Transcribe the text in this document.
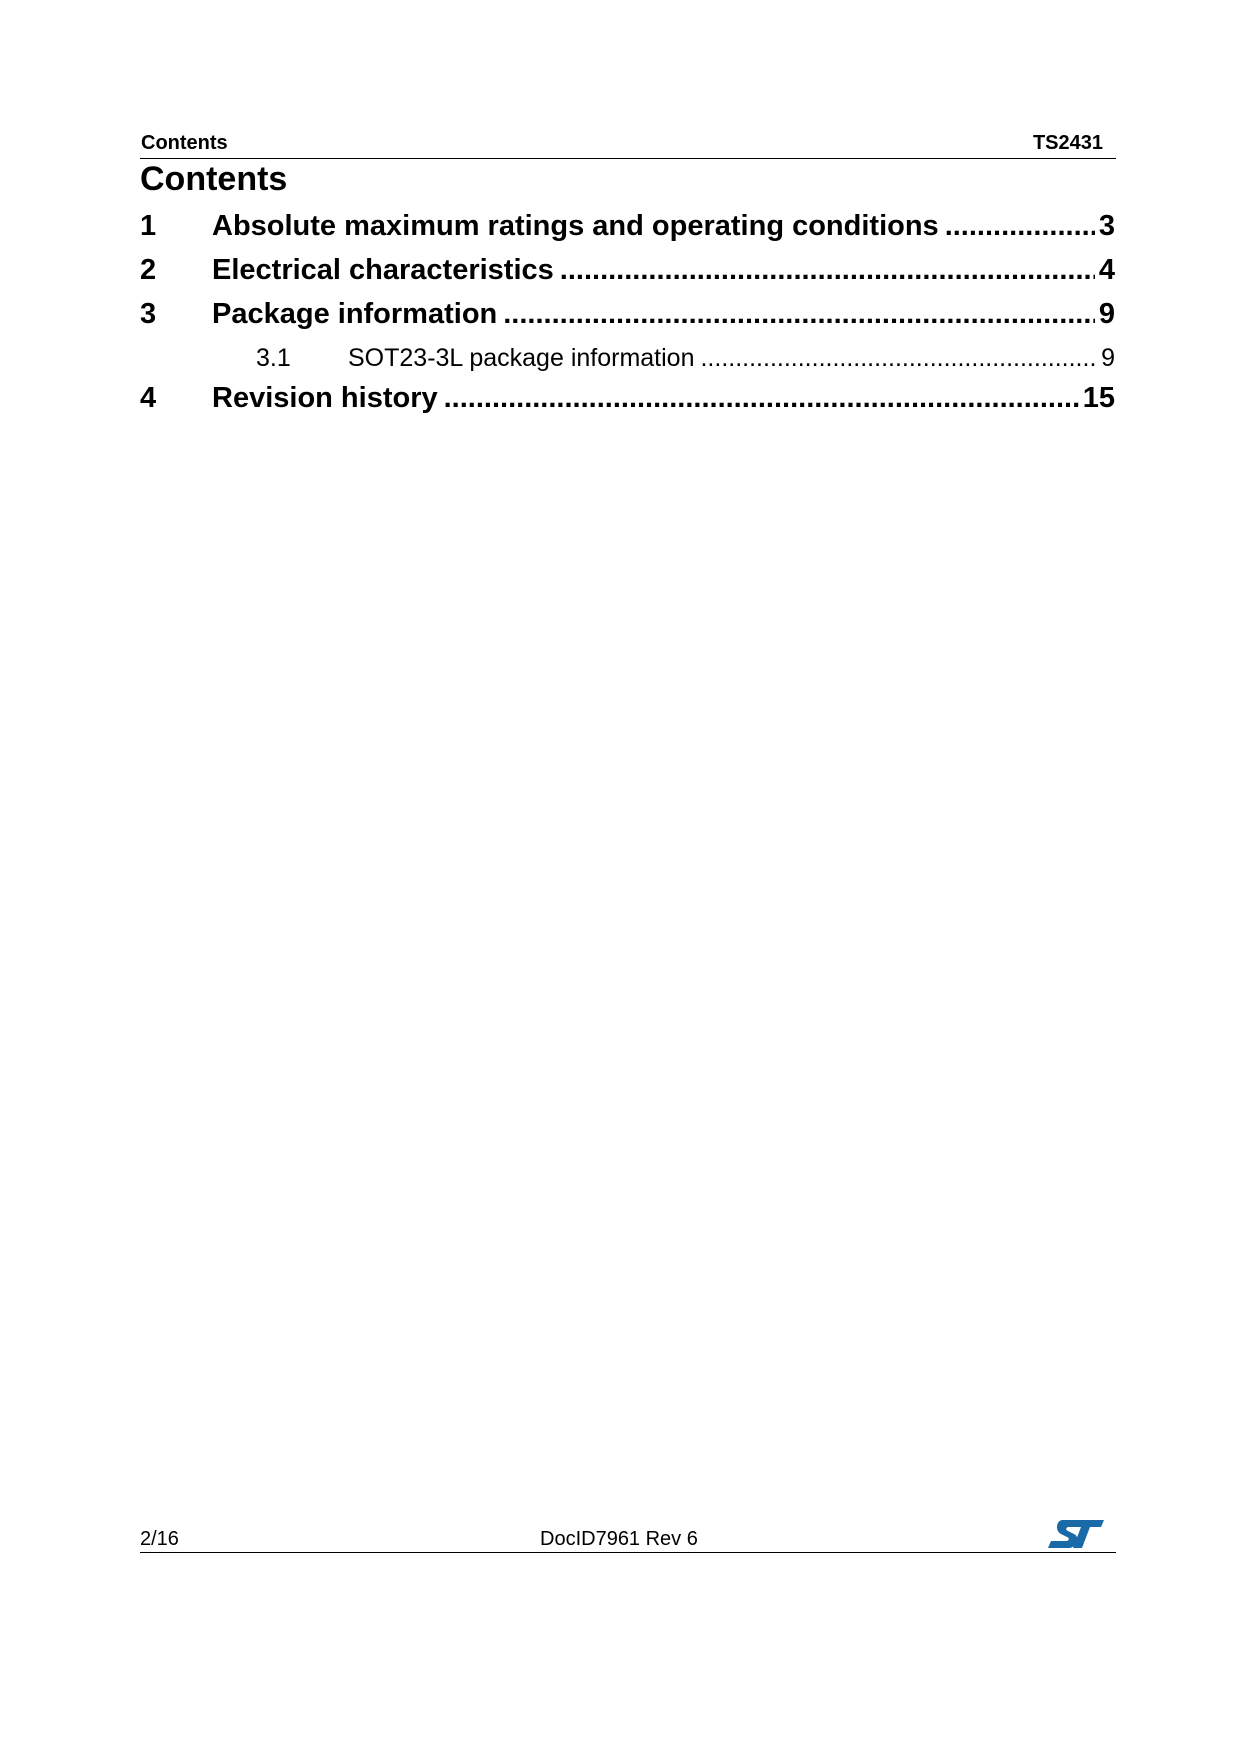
Contents	TS2431
Contents
1	Absolute maximum ratings and operating conditions .....	3
2	Electrical characteristics .....	4
3	Package information .....	9
3.1	SOT23-3L package information .....	9
4	Revision history .....	15
2/16	DocID7961 Rev 6
